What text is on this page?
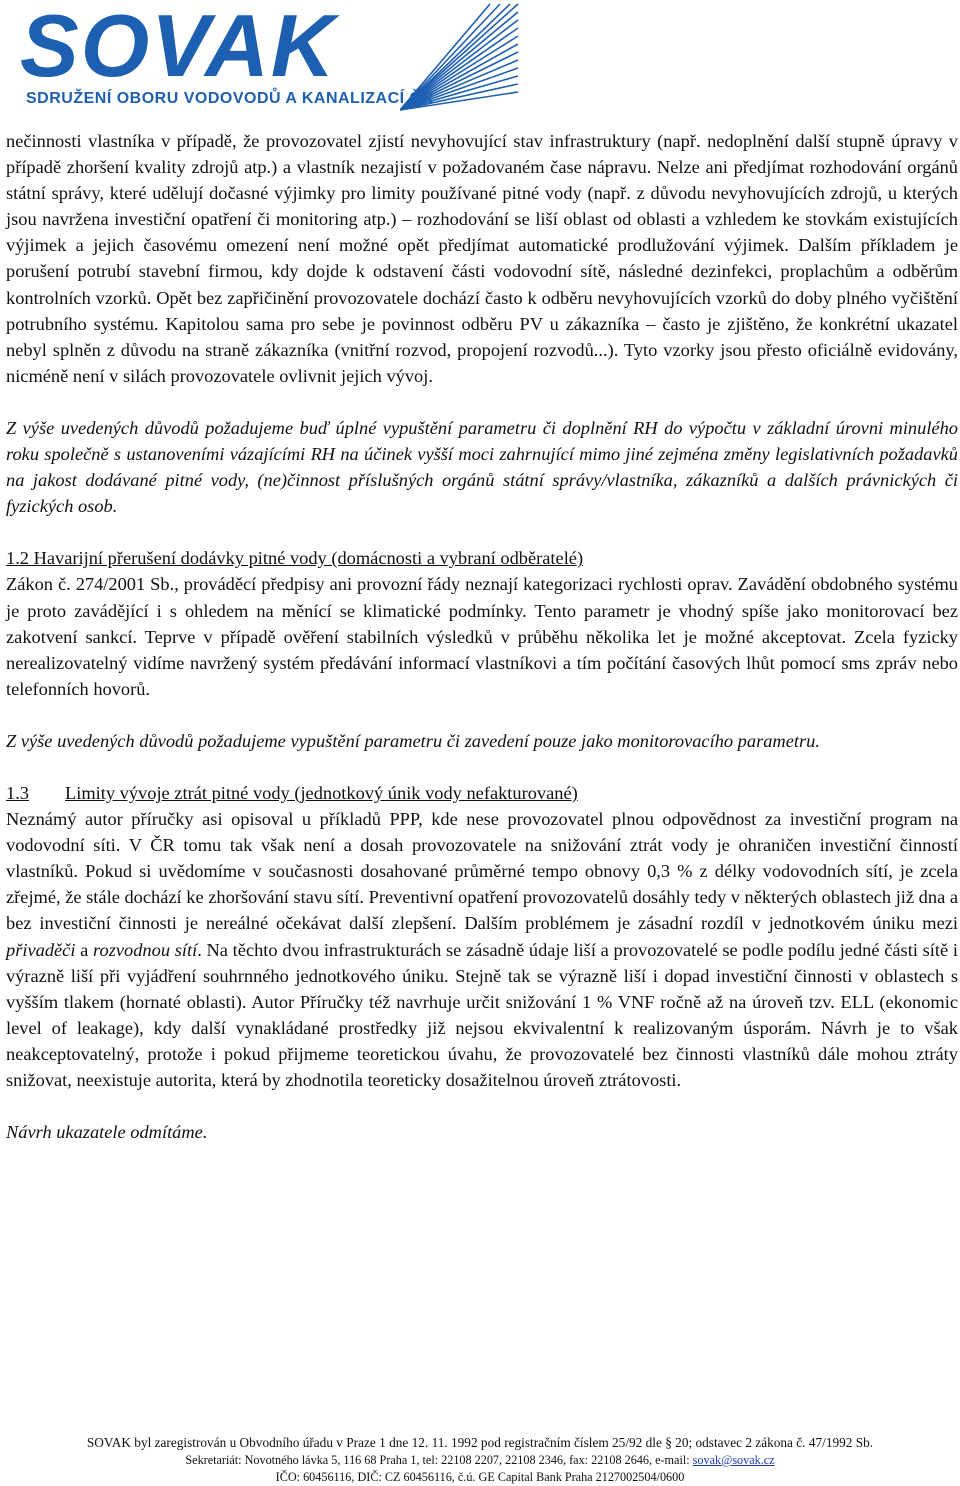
SOVAK
SDRUŽENÍ OBORU VODOVODŮ A KANALIZACÍ ČR

nečinnosti vlastníka v případě, že provozovatel zjistí nevyhovující stav infrastruktury (např. nedoplnění další stupně úpravy v případě zhoršení kvality zdrojů atp.) a vlastník nezajistí v požadovaném čase nápravu. Nelze ani předjímat rozhodování orgánů státní správy, které udělují dočasné výjimky pro limity používané pitné vody (např. z důvodu nevyhovujících zdrojů, u kterých jsou navržena investiční opatření či monitoring atp.) – rozhodování se liší oblast od oblasti a vzhledem ke stovkám existujících výjimek a jejich časovému omezení není možné opět předjímat automatické prodlužování výjimek. Dalším příkladem je porušení potrubí stavební firmou, kdy dojde k odstavení části vodovodní sítě, následné dezinfekci, proplachům a odběrům kontrolních vzorků. Opět bez zapřičinění provozovatele dochází často k odběru nevyhovujících vzorků do doby plného vyčištění potrubního systému. Kapitolou sama pro sebe je povinnost odběru PV u zákazníka – často je zjištěno, že konkrétní ukazatel nebyl splněn z důvodu na straně zákazníka (vnitřní rozvod, propojení rozvodů...). Tyto vzorky jsou přesto oficiálně evidovány, nicméně není v silách provozovatele ovlivnit jejich vývoj.

Z výše uvedených důvodů požadujeme buď úplné vypuštění parametru či doplnění RH do výpočtu v základní úrovni minulého roku společně s ustanoveními vázajícími RH na účinek vyšší moci zahrnující mimo jiné zejména změny legislativních požadavků na jakost dodávané pitné vody, (ne)činnost příslušných orgánů státní správy/vlastníka, zákazníků a dalších právnických či fyzických osob.

1.2 Havarijní přerušení dodávky pitné vody (domácnosti a vybraní odběratelé)

Zákon č. 274/2001 Sb., prováděcí předpisy ani provozní řády neznají kategorizaci rychlosti oprav. Zavádění obdobného systému je proto zavádějící i s ohledem na měnící se klimatické podmínky. Tento parametr je vhodný spíše jako monitorovací bez zakotvení sankcí. Teprve v případě ověření stabilních výsledků v průběhu několika let je možné akceptovat. Zcela fyzicky nerealizovatelný vidíme navržený systém předávání informací vlastníkovi a tím počítání časových lhůt pomocí sms zpráv nebo telefonních hovorů.

Z výše uvedených důvodů požadujeme vypuštění parametru či zavedení pouze jako monitorovacího parametru.

1.3 Limity vývoje ztrát pitné vody (jednotkový únik vody nefakturované)

Neznámý autor příručky asi opisoval u příkladů PPP, kde nese provozovatel plnou odpovědnost za investiční program na vodovodní síti. V ČR tomu tak však není a dosah provozovatele na snižování ztrát vody je ohraničen investiční činností vlastníků. Pokud si uvědomíme v současnosti dosahované průměrné tempo obnovy 0,3 % z délky vodovodních sítí, je zcela zřejmé, že stále dochází ke zhoršování stavu sítí. Preventivní opatření provozovatelů dosáhly tedy v některých oblastech již dna a bez investiční činnosti je nereálné očekávat další zlepšení. Dalším problémem je zásadní rozdíl v jednotkovém úniku mezi přivaděči a rozvodnou sítí. Na těchto dvou infrastrukturách se zásadně údaje liší a provozovatelé se podle podílu jedné části sítě i výrazně liší při vyjádření souhrnného jednotkového úniku. Stejně tak se výrazně liší i dopad investiční činnosti v oblastech s vyšším tlakem (hornaté oblasti). Autor Příručky též navrhuje určit snižování 1 % VNF ročně až na úroveň tzv. ELL (ekonomic level of leakage), kdy další vynakládané prostředky již nejsou ekvivalentní k realizovaným úsporám. Návrh je to však neakceptovatelný, protože i pokud přijmeme teoretickou úvahu, že provozovatelé bez činnosti vlastníků dále mohou ztráty snižovat, neexistuje autorita, která by zhodnotila teoreticky dosažitelnou úroveň ztrátovosti.

Návrh ukazatele odmítáme.

SOVAK byl zaregistrován u Obvodního úřadu v Praze 1 dne 12. 11. 1992 pod registračním číslem 25/92 dle § 20; odstavec 2 zákona č. 47/1992 Sb.
Sekretariát: Novotného lávka 5, 116 68 Praha 1, tel: 22108 2207, 22108 2346, fax: 22108 2646, e-mail: sovak@sovak.cz
IČO: 60456116, DIČ: CZ 60456116, č.ú. GE Capital Bank Praha 2127002504/0600
